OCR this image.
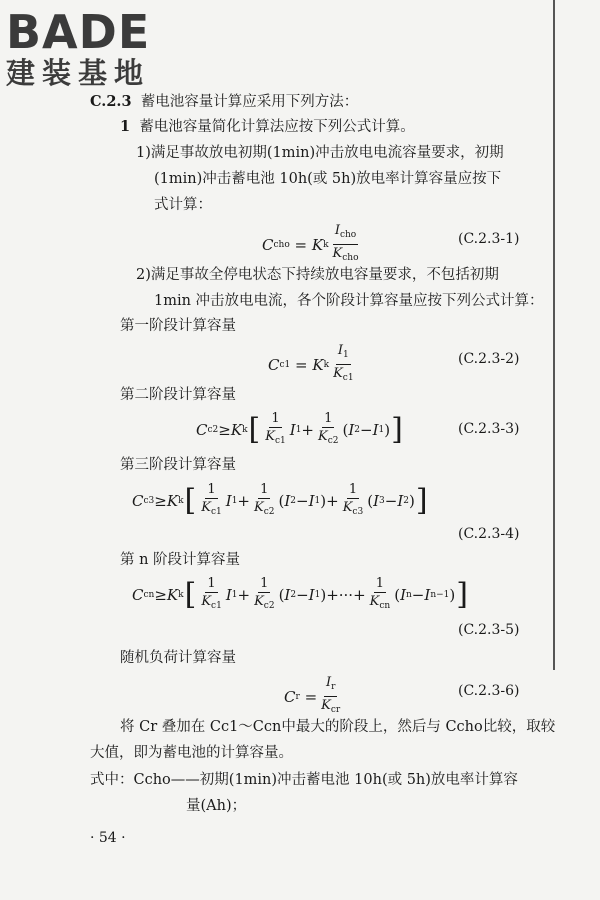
BADE
建装基地
C.2.3 蓄电池容量计算应采用下列方法：
1 蓄电池容量简化计算法应按下列公式计算。
1)满足事故放电初期(1min)冲击放电电流容量要求，初期
(1min)冲击蓄电池 10h(或 5h)放电率计算容量应按下
式计算：
C cho = K k $\frac{I_{cho}}{K_{cho}}$	(C.2.3-1)
2)满足事故全停电状态下持续放电容量要求，不包括初期
1min 冲击放电电流，各个阶段计算容量应按下列公式计算：
第一阶段计算容量
C c1 = K k $\frac{I_1}{K_{c1}}$	(C.2.3-2)
第二阶段计算容量
C c2 ≥ K k [ $\frac{1}{K_{c1}}$ I $1 + \frac{1}{K_{c2}}$ ( I 2 − I 1 ) ]	(C.2.3-3)
第三阶段计算容量
C c3 ≥ K k [ $\frac{1}{K_{c1}}$ I $1 + \frac{1}{K_{c2}}$ ( I 2 − I 1 )+ $\frac{1}{K_{c3}}$ ( I 3 − I 2 ) ]
(C.2.3-4)
第 n 阶段计算容量
C cn ≥ K k [ $\frac{1}{K_{c1}}$ I $1 + \frac{1}{K_{c2}}$ ( I 2 − I 1 )+···+ $\frac{1}{K_{cn}}$ ( I n − I n−1 ) ]
(C.2.3-5)
随机负荷计算容量
C $r = \frac{I_r}{K_{cr}}$	(C.2.3-6)
将 Cr 叠加在 Cc1～Ccn中最大的阶段上，然后与 Ccho比较，取较
大值，即为蓄电池的计算容量。
式中：Ccho——初期(1min)冲击蓄电池 10h(或 5h)放电率计算容
量(Ah)；
· 54 ·
